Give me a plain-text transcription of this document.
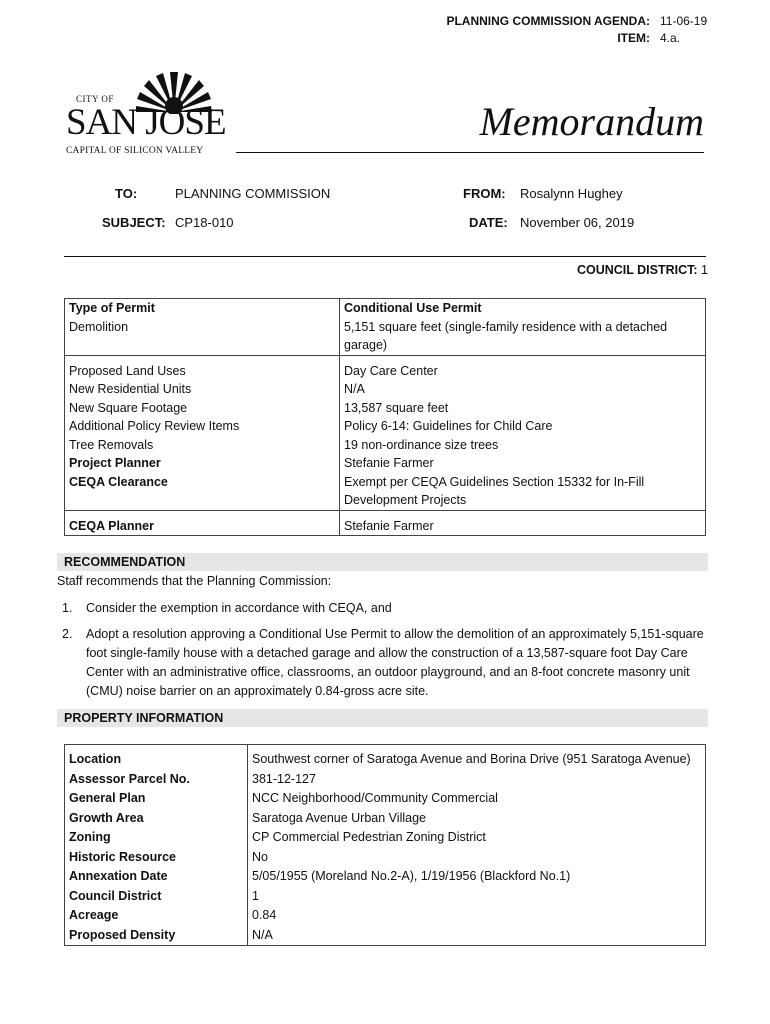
PLANNING COMMISSION AGENDA: 11-06-19
ITEM: 4.a.
CITY OF
SAN JOSE
CAPITAL OF SILICON VALLEY
Memorandum
TO:	PLANNING COMMISSION	FROM: Rosalynn Hughey
SUBJECT: CP18-010	DATE: November 06, 2019
COUNCIL DISTRICT: 1
Type of Permit	Conditional Use Permit
Demolition	5,151 square feet (single-family residence with a detached garage)
Proposed Land Uses	Day Care Center
New Residential Units	N/A
New Square Footage	13,587 square feet
Additional Policy Review Items	Policy 6-14: Guidelines for Child Care
Tree Removals	19 non-ordinance size trees
Project Planner	Stefanie Farmer
CEQA Clearance	Exempt per CEQA Guidelines Section 15332 for In-Fill Development Projects
CEQA Planner	Stefanie Farmer
RECOMMENDATION
Staff recommends that the Planning Commission:
1.	Consider the exemption in accordance with CEQA, and
2.	Adopt a resolution approving a Conditional Use Permit to allow the demolition of an approximately 5,151-square foot single-family house with a detached garage and allow the construction of a 13,587-square foot Day Care Center with an administrative office, classrooms, an outdoor playground, and an 8-foot concrete masonry unit (CMU) noise barrier on an approximately 0.84-gross acre site.
PROPERTY INFORMATION
Location	Southwest corner of Saratoga Avenue and Borina Drive (951 Saratoga Avenue)
Assessor Parcel No.	381-12-127
General Plan	NCC Neighborhood/Community Commercial
Growth Area	Saratoga Avenue Urban Village
Zoning	CP Commercial Pedestrian Zoning District
Historic Resource	No
Annexation Date	5/05/1955 (Moreland No.2-A), 1/19/1956 (Blackford No.1)
Council District	1
Acreage	0.84
Proposed Density	N/A
